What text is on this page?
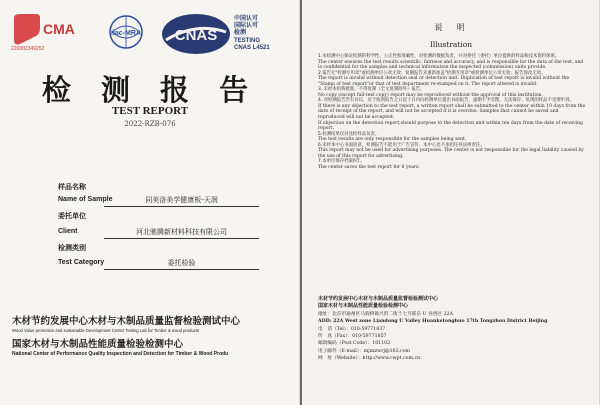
CMA
220002349252
ilac-MRA CNAS
中国认可
国际认可
检测
TESTING
CNAS L4521
检 测 报 告
TEST REPORT
2022-RZB-076
样品名称
Name of Sample	同美洛美学健康板-天润
委托单位
Client	河北驰腾新材料科技有限公司
检测类别
Test Category	委托检验
木材节约发展中心木材与木制品质量监督检验测试中心
Wood Value promotion and sustainable Development Center Testing Lab for Timber & wood products
国家木材与木制品性能质量检验检测中心
National Center of Performance Quality Inspection and Detection for Timber & Wood Produ
说　明
Illustration

1.本检测中心保证检测的科学性、公正性和准确性，对检测的数据负责，并对委托（委托）单位提供的样品和技术资料保密。

The center ensures the test results scientific, fairness and accuracy, and is responsible for the data of the test, and is confidential for the samples and technical information the inspected (commission) units provide.

2.报告无"检测专用章"或检测单位公章无效；复制报告未重新加盖"检测专用章"或检测单位公章无效；报告涂改无效。

The report is invalid without detection seal or detection unit. Duplication of test report is invalid without the "Stamp of test report"or that of test department re-stamped on it. The report altered is invalid.

3. 未经本机构批准，不得复制（全文复制除外）报告。

No copy (except full-text copy) report may be reproduced without the approval of this institution.

4. 对检测报告若有异议，应于收到报告之日起十日内向检测单位提出书面报告，逾期不予受理。无法保存、复现的样品不受理申诉。

If there is any objection to the test report, a written report shall be submitted to the center within 10 days from the date of receipt of the report, and will not be accepted if it is overdue. Samples that cannot be saved and reproduced will not be accepted.

If objection on the detection report,should purpose to the detection unit within ten days from the date of receiving report.

5.检测结果仅对送检样品负责。

The test results are only responsible for the samples being sent.

6.未经本中心书面同意，检测报告不能用于广告宣传，本中心也不承担任何法律责任。

This report may not be used for advertising purposes. The center is not responsible for the legal liability caused by the use of this report for advertising.

7.本单位保存档案6年。

The center saves the test report for 6 years.

木材节约发展中心木材与木制品质量监督检验测试中心
国家木材与木制品性能质量检验检测中心
地址：北京市通州区马驹桥镇兴贸二街十七号联东 U 谷西区 22A
ADD: 22A West zone Liandong U Valley Huanketonghuo 17th Tongzhou District Beijing
电　话（Tel）：010-59771837
传　真（Fax）：010-59771857
邮政编码（Post Code）：101102
电子邮件（E-mail）：mjzxzwrj@163.com
网　址（Website）：http://www.cwpt.com.cn
